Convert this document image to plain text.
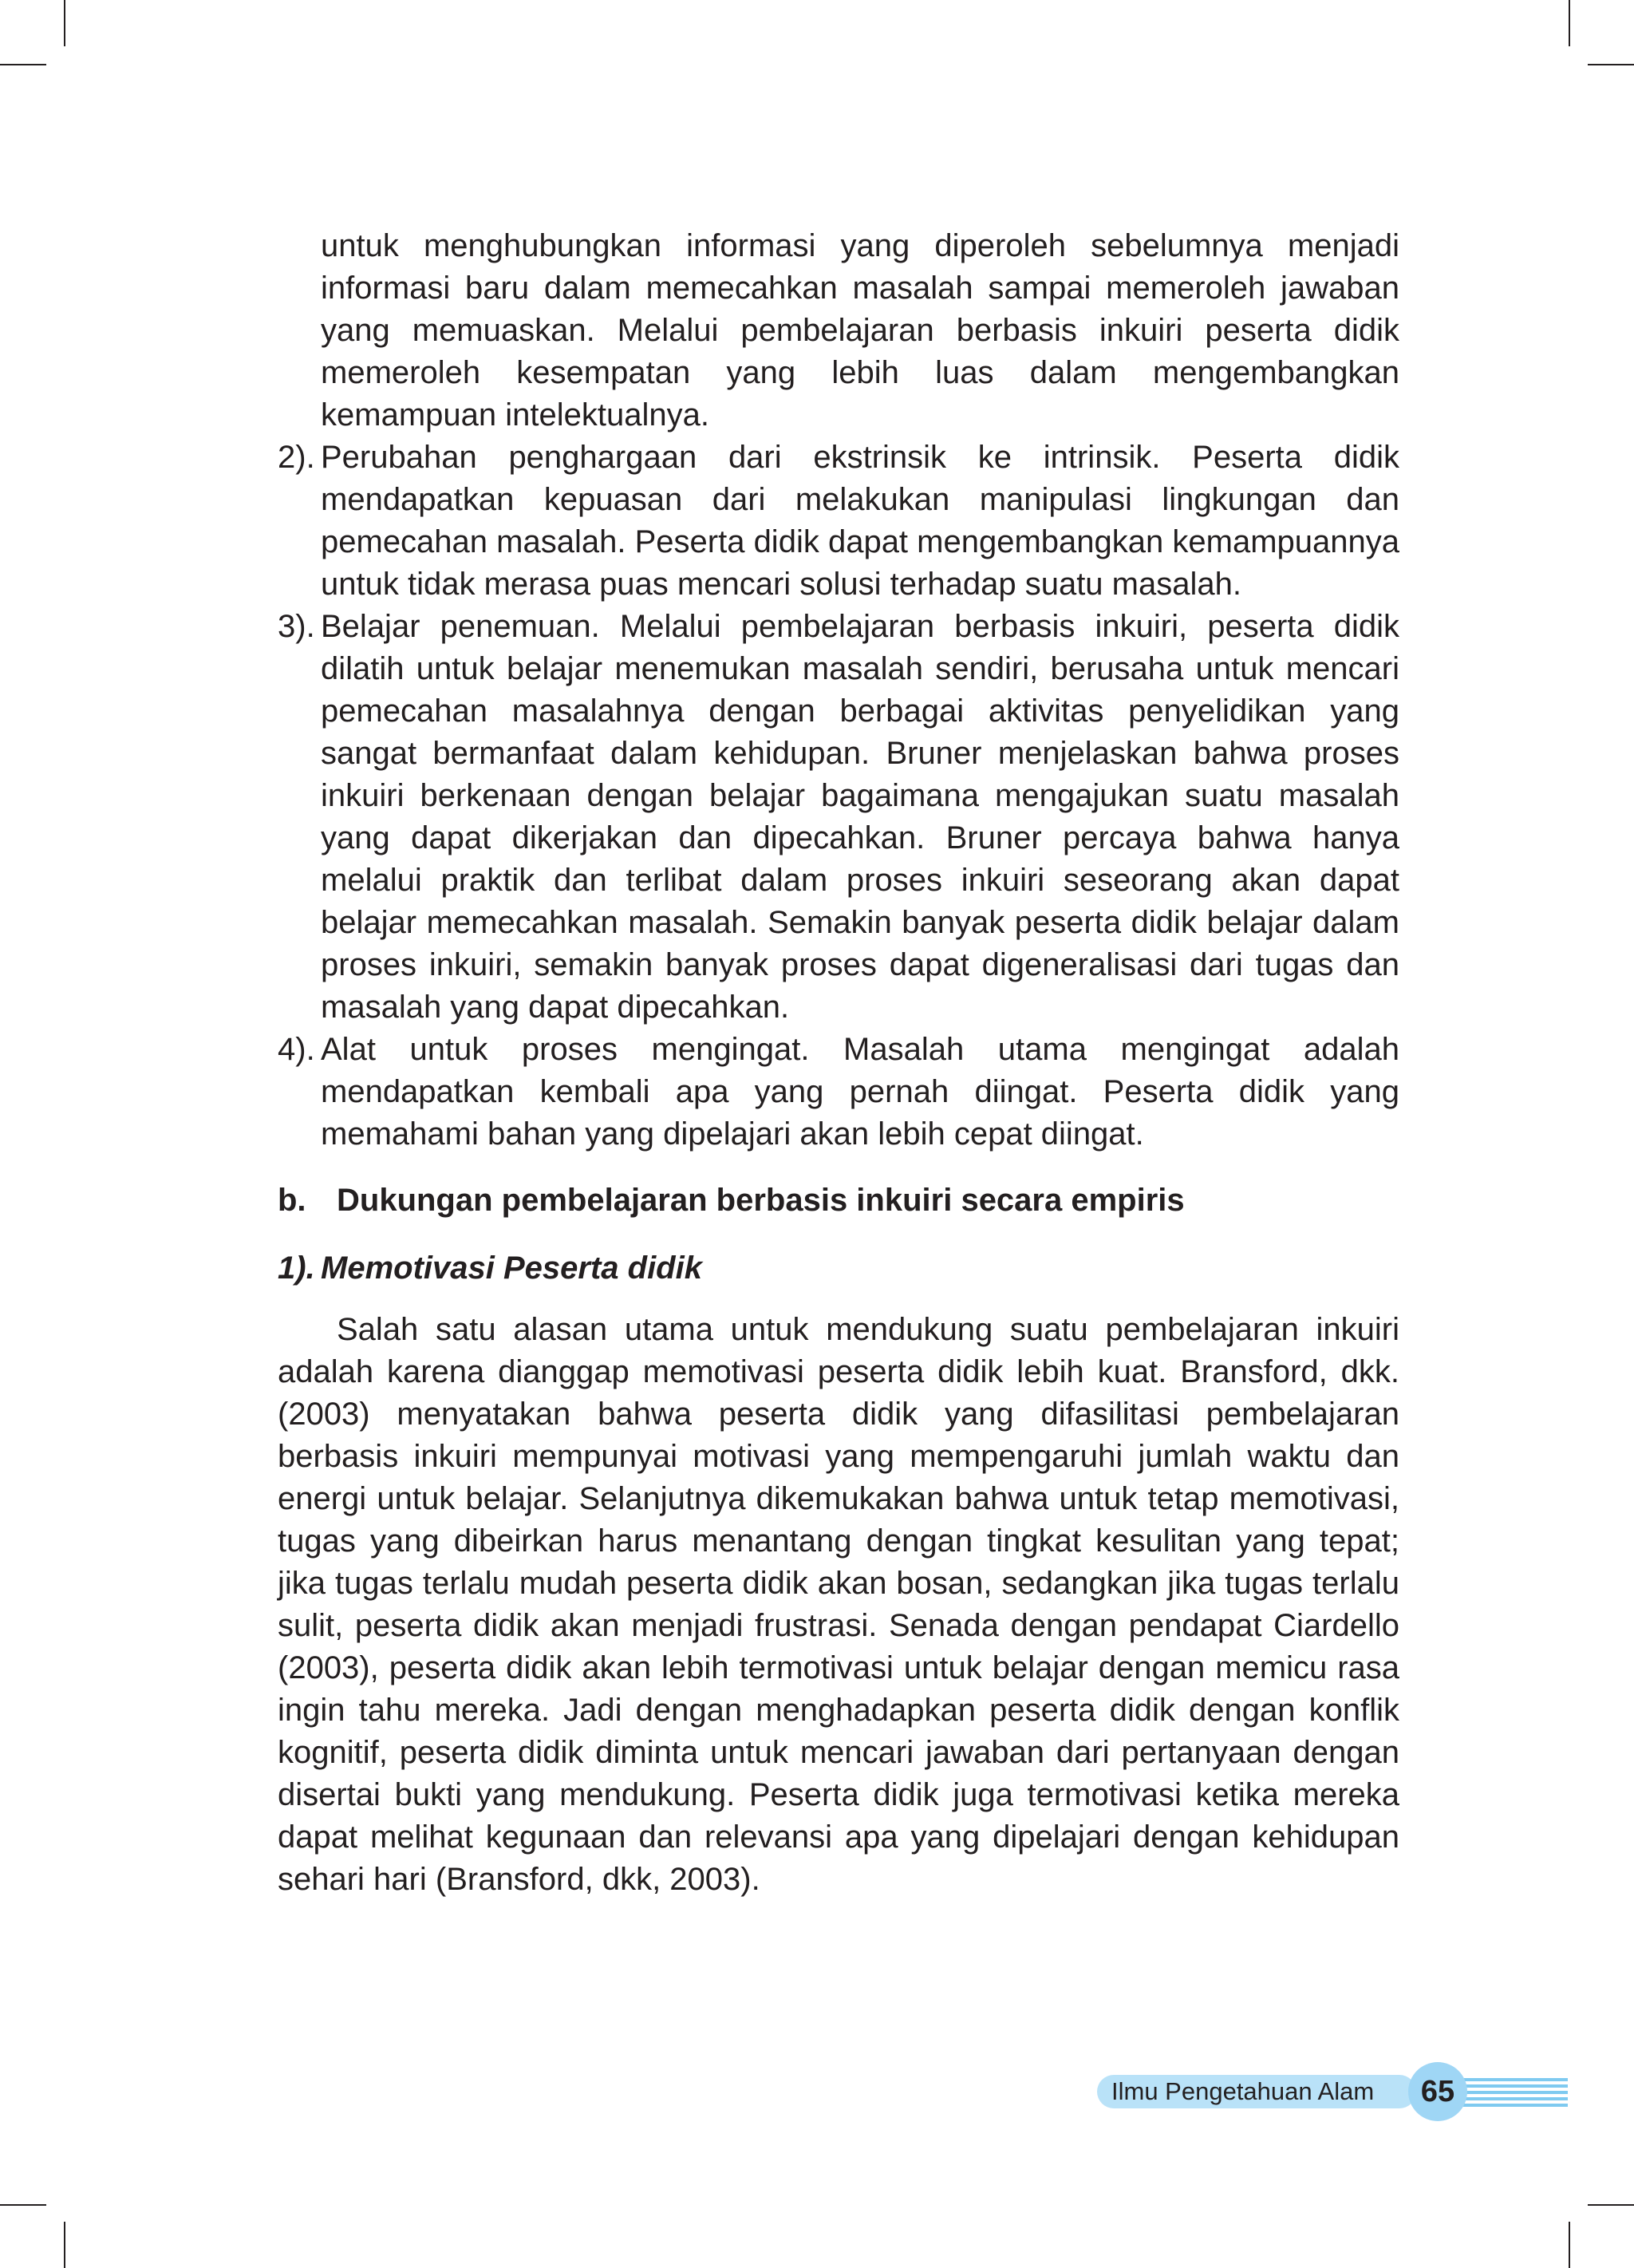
untuk menghubungkan informasi yang diperoleh sebelumnya menjadi informasi baru dalam memecahkan masalah sampai memeroleh jawaban yang memuaskan. Melalui pembelajaran berbasis inkuiri peserta didik memeroleh kesempatan yang lebih luas dalam mengembangkan kemampuan intelektualnya.

2). Perubahan penghargaan dari ekstrinsik ke intrinsik. Peserta didik mendapatkan kepuasan dari melakukan manipulasi lingkungan dan pemecahan masalah. Peserta didik dapat mengembangkan kemampuannya untuk tidak merasa puas mencari solusi terhadap suatu masalah.

3). Belajar penemuan. Melalui pembelajaran berbasis inkuiri, peserta didik dilatih untuk belajar menemukan masalah sendiri, berusaha untuk mencari pemecahan masalahnya dengan berbagai aktivitas penyelidikan yang sangat bermanfaat dalam kehidupan. Bruner menjelaskan bahwa proses inkuiri berkenaan dengan belajar bagaimana mengajukan suatu masalah yang dapat dikerjakan dan dipecahkan. Bruner percaya bahwa hanya melalui praktik dan terlibat dalam proses inkuiri seseorang akan dapat belajar memecahkan masalah. Semakin banyak peserta didik belajar dalam proses inkuiri, semakin banyak proses dapat digeneralisasi dari tugas dan masalah yang dapat dipecahkan.

4). Alat untuk proses mengingat. Masalah utama mengingat adalah mendapatkan kembali apa yang pernah diingat. Peserta didik yang memahami bahan yang dipelajari akan lebih cepat diingat.

b. Dukungan pembelajaran berbasis inkuiri secara empiris

1). Memotivasi Peserta didik

Salah satu alasan utama untuk mendukung suatu pembelajaran inkuiri adalah karena dianggap memotivasi peserta didik lebih kuat. Bransford, dkk. (2003) menyatakan bahwa peserta didik yang difasilitasi pembelajaran berbasis inkuiri mempunyai motivasi yang mempengaruhi jumlah waktu dan energi untuk belajar. Selanjutnya dikemukakan bahwa untuk tetap memotivasi, tugas yang dibeirkan harus menantang dengan tingkat kesulitan yang tepat; jika tugas terlalu mudah peserta didik akan bosan, sedangkan jika tugas terlalu sulit, peserta didik akan menjadi frustrasi. Senada dengan pendapat Ciardello (2003), peserta didik akan lebih termotivasi untuk belajar dengan memicu rasa ingin tahu mereka. Jadi dengan menghadapkan peserta didik dengan konflik kognitif, peserta didik diminta untuk mencari jawaban dari pertanyaan dengan disertai bukti yang mendukung. Peserta didik juga termotivasi ketika mereka dapat melihat kegunaan dan relevansi apa yang dipelajari dengan kehidupan sehari hari (Bransford, dkk, 2003).

Ilmu Pengetahuan Alam	65
